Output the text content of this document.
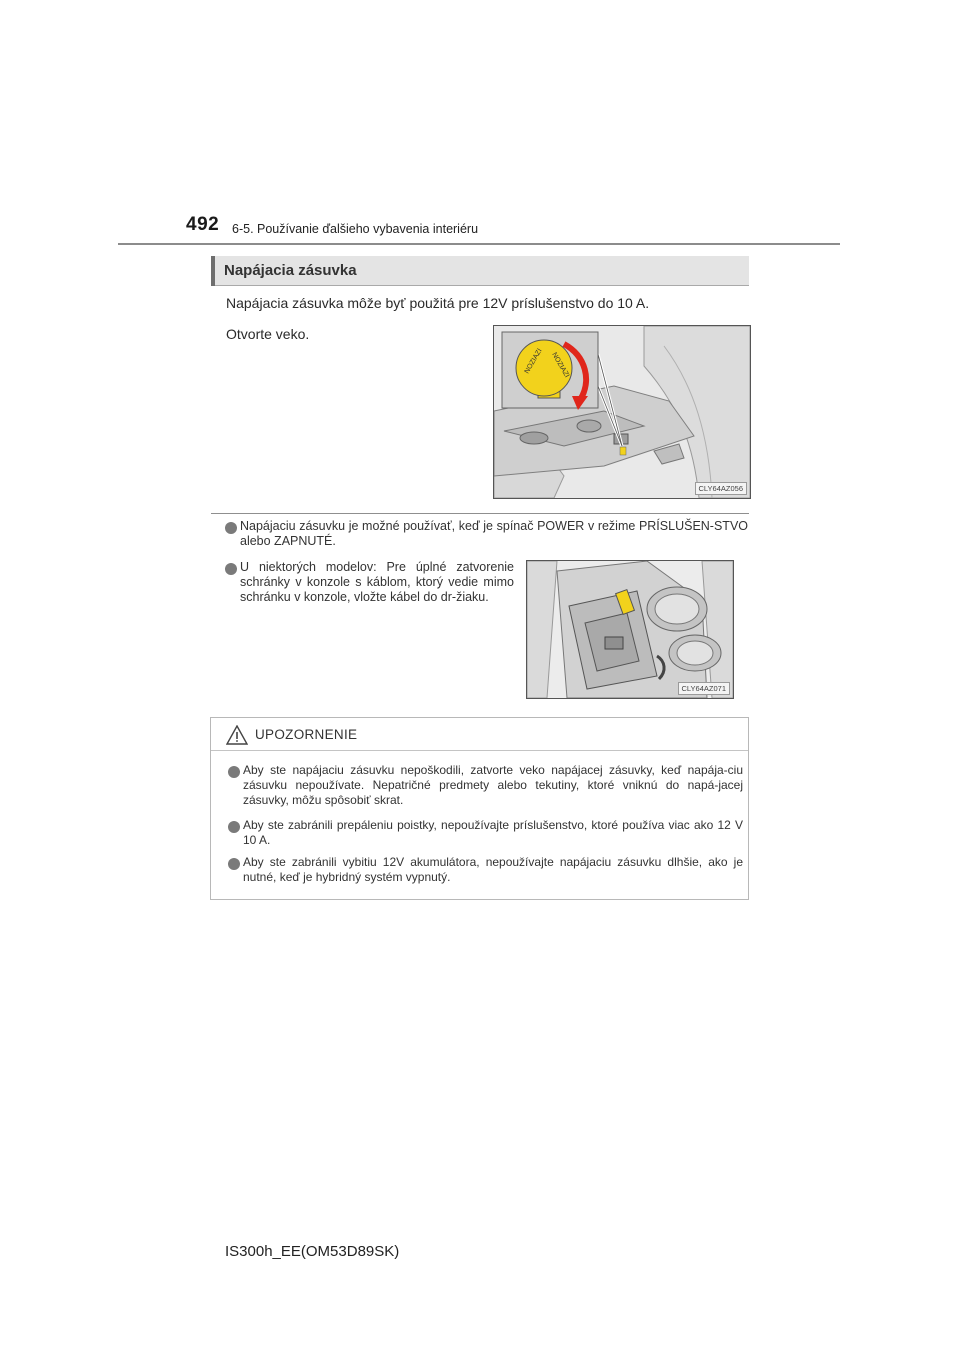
492 6-5. Používanie ďalšieho vybavenia interiéru
Napájacia zásuvka
Napájacia zásuvka môže byť použitá pre 12V príslušenstvo do 10 A.
Otvorte veko.
NOZIAZI NOZIAZI
CLY64AZ056
Napájaciu zásuvku je možné používať, keď je spínač POWER v režime PRÍSLUŠEN-STVO alebo ZAPNUTÉ.
U niektorých modelov: Pre úplné zatvorenie schránky v konzole s káblom, ktorý vedie mimo schránku v konzole, vložte kábel do dr-žiaku.
CLY64AZ071
UPOZORNENIE
Aby ste napájaciu zásuvku nepoškodili, zatvorte veko napájacej zásuvky, keď napája-ciu zásuvku nepoužívate. Nepatričné predmety alebo tekutiny, ktoré vniknú do napá-jacej zásuvky, môžu spôsobiť skrat.
Aby ste zabránili prepáleniu poistky, nepoužívajte príslušenstvo, ktoré používa viac ako 12 V 10 A.
Aby ste zabránili vybitiu 12V akumulátora, nepoužívajte napájaciu zásuvku dlhšie, ako je nutné, keď je hybridný systém vypnutý.
IS300h_EE(OM53D89SK)
